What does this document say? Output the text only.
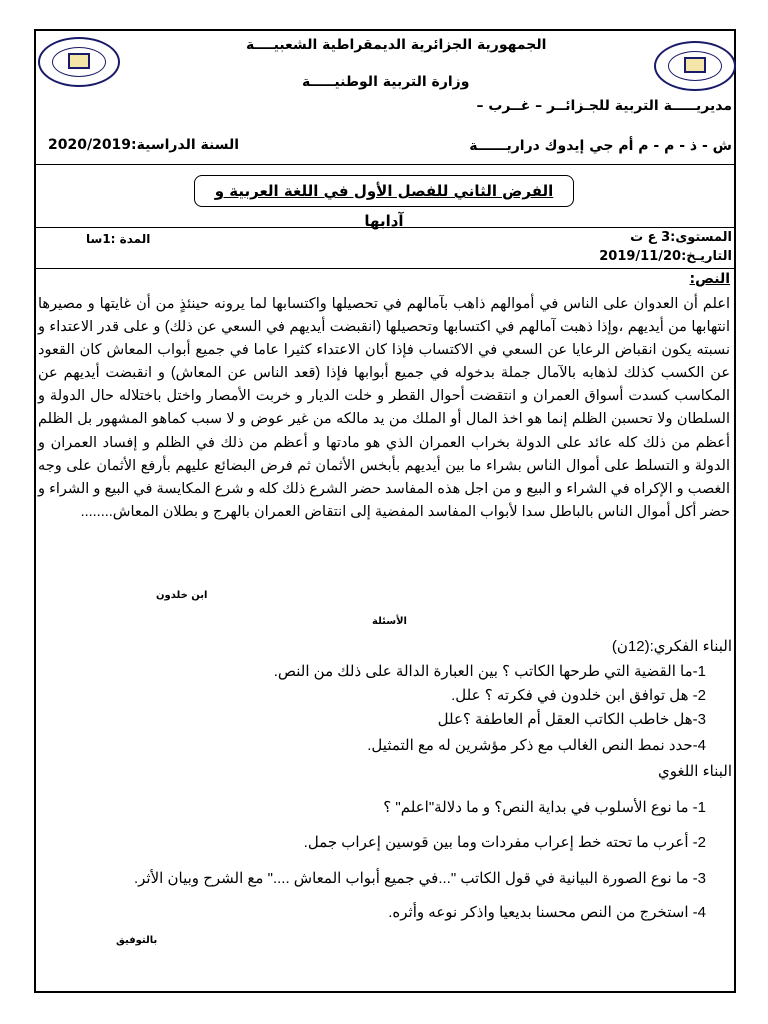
الجمهورية الجزائرية الديمقراطية الشعبيــــة
وزارة التربية الوطنيـــــة
مديريـــــة التربية للجـزائــر – غــرب –
ش - ذ - م - م أم جي إيدوك دراريــــــة
السنة الدراسية:2020/2019
الفرض الثاني للفصل الأول في اللغة العربية و آدابها
المستوى:3 ع ت
التاريـخ:2019/11/20
المدة :1سا
النص:
اعلم أن العدوان على الناس في أموالهم ذاهب بآمالهم في تحصيلها واكتسابها لما يرونه حينئذٍ من أن غايتها و مصيرها انتهابها من أيديهم ،وإذا ذهبت آمالهم في اكتسابها وتحصيلها (انقبضت أيديهم في السعي عن ذلك) و على قدر الاعتداء و نسبته يكون انقباض الرعايا عن السعي في الاكتساب فإذا كان الاعتداء كثيرا عاما في جميع أبواب المعاش كان القعود عن الكسب كذلك لذهابه بالآمال جملة بدخوله في جميع أبوابها فإذا (قعد الناس عن المعاش) و انقبضت أيديهم عن المكاسب كسدت أسواق العمران و انتقضت أحوال القطر و خلت الديار و خربت الأمصار واختل باختلاله حال الدولة و السلطان ولا تحسبن الظلم إنما هو اخذ المال أو الملك من يد مالكه من غير عوض و لا سبب كماهو المشهور بل الظلم أعظم من ذلك كله عائد على الدولة بخراب العمران الذي هو مادتها و أعظم من ذلك في الظلم و إفساد العمران و الدولة و التسلط على أموال الناس بشراء ما بين أيديهم بأبخس الأثمان ثم فرض البضائع عليهم بأرفع الأثمان على وجه الغصب و الإكراه في الشراء و البيع و من اجل هذه المفاسد حضر الشرع ذلك كله و شرع المكايسة في البيع و الشراء و حضر أكل أموال الناس بالباطل سدا لأبواب المفاسد المفضية إلى انتقاض العمران بالهرج و بطلان المعاش........
ابن خلدون
الأسئلة
البناء الفكري:(12ن)
1-ما القضية التي طرحها الكاتب ؟ بين العبارة الدالة على ذلك من النص.
2- هل توافق ابن خلدون في فكرته ؟ علل.
3-هل خاطب الكاتب العقل أم العاطفة ؟علل
4-حدد نمط النص الغالب مع ذكر مؤشرين له مع التمثيل.
البناء اللغوي
1- ما نوع الأسلوب في بداية النص؟ و ما دلالة"اعلم" ؟
2- أعرب ما تحته خط إعراب مفردات وما بين قوسين إعراب جمل.
3- ما نوع الصورة البيانية في قول الكاتب "...في جميع أبواب المعاش ...." مع الشرح وبيان الأثر.
4- استخرج من النص محسنا بديعيا واذكر نوعه وأثره.
بالتوفيق
